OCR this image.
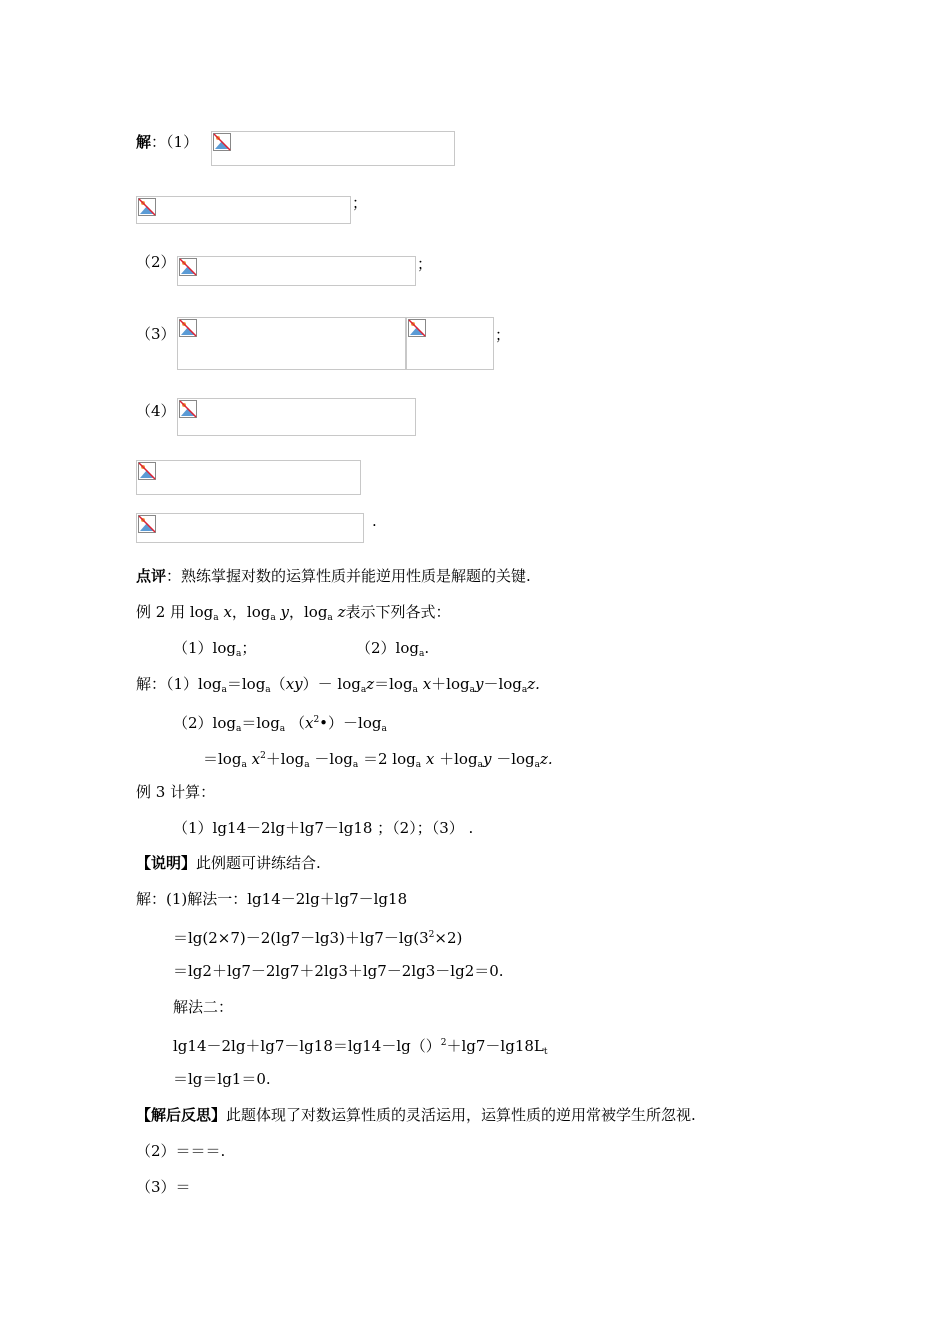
解：（1）
；
（2）	；
（3）	；
（4）
.
点评：熟练掌握对数的运算性质并能逆用性质是解题的关键.
例 2 用 $\log_a x$，$\log_a y$，$\log_a z$表示下列各式：
$(1)\log_a$；	$(2)\log_a$.
解：$(1)\log_a=\log_a(xy)- \log_az=\log_a$ $x+\log_ay-\log_az$.
$(2)\log_a=\log_a$ $(x^2•)-\log_a$
$=\log_a$ $x^2+\log_a -\log_a =2$ $\log_a x +\log_ay -\log_az$.
例 3 计算：
（1）lg14－2lg＋lg7－lg18 ；（2）；（3） .
【说明】此例题可讲练结合.
解：(1)解法一：lg14－2lg＋lg7－lg18
$=\lg(2\times 7)-2(\lg 7-\lg 3)+\lg 7-\lg(3^2\times 2)$
＝lg2＋lg7－2lg7＋2lg3＋lg7－2lg3－lg2＝0.
解法二：
$\lg 14-2\lg+\lg 7-\lg 18=\lg 14-\lg()^2+\lg 7-\lg 18L_t$
＝lg＝lg1＝0.
【解后反思】此题体现了对数运算性质的灵活运用，运算性质的逆用常被学生所忽视.
（2）＝＝＝.
（3）＝
